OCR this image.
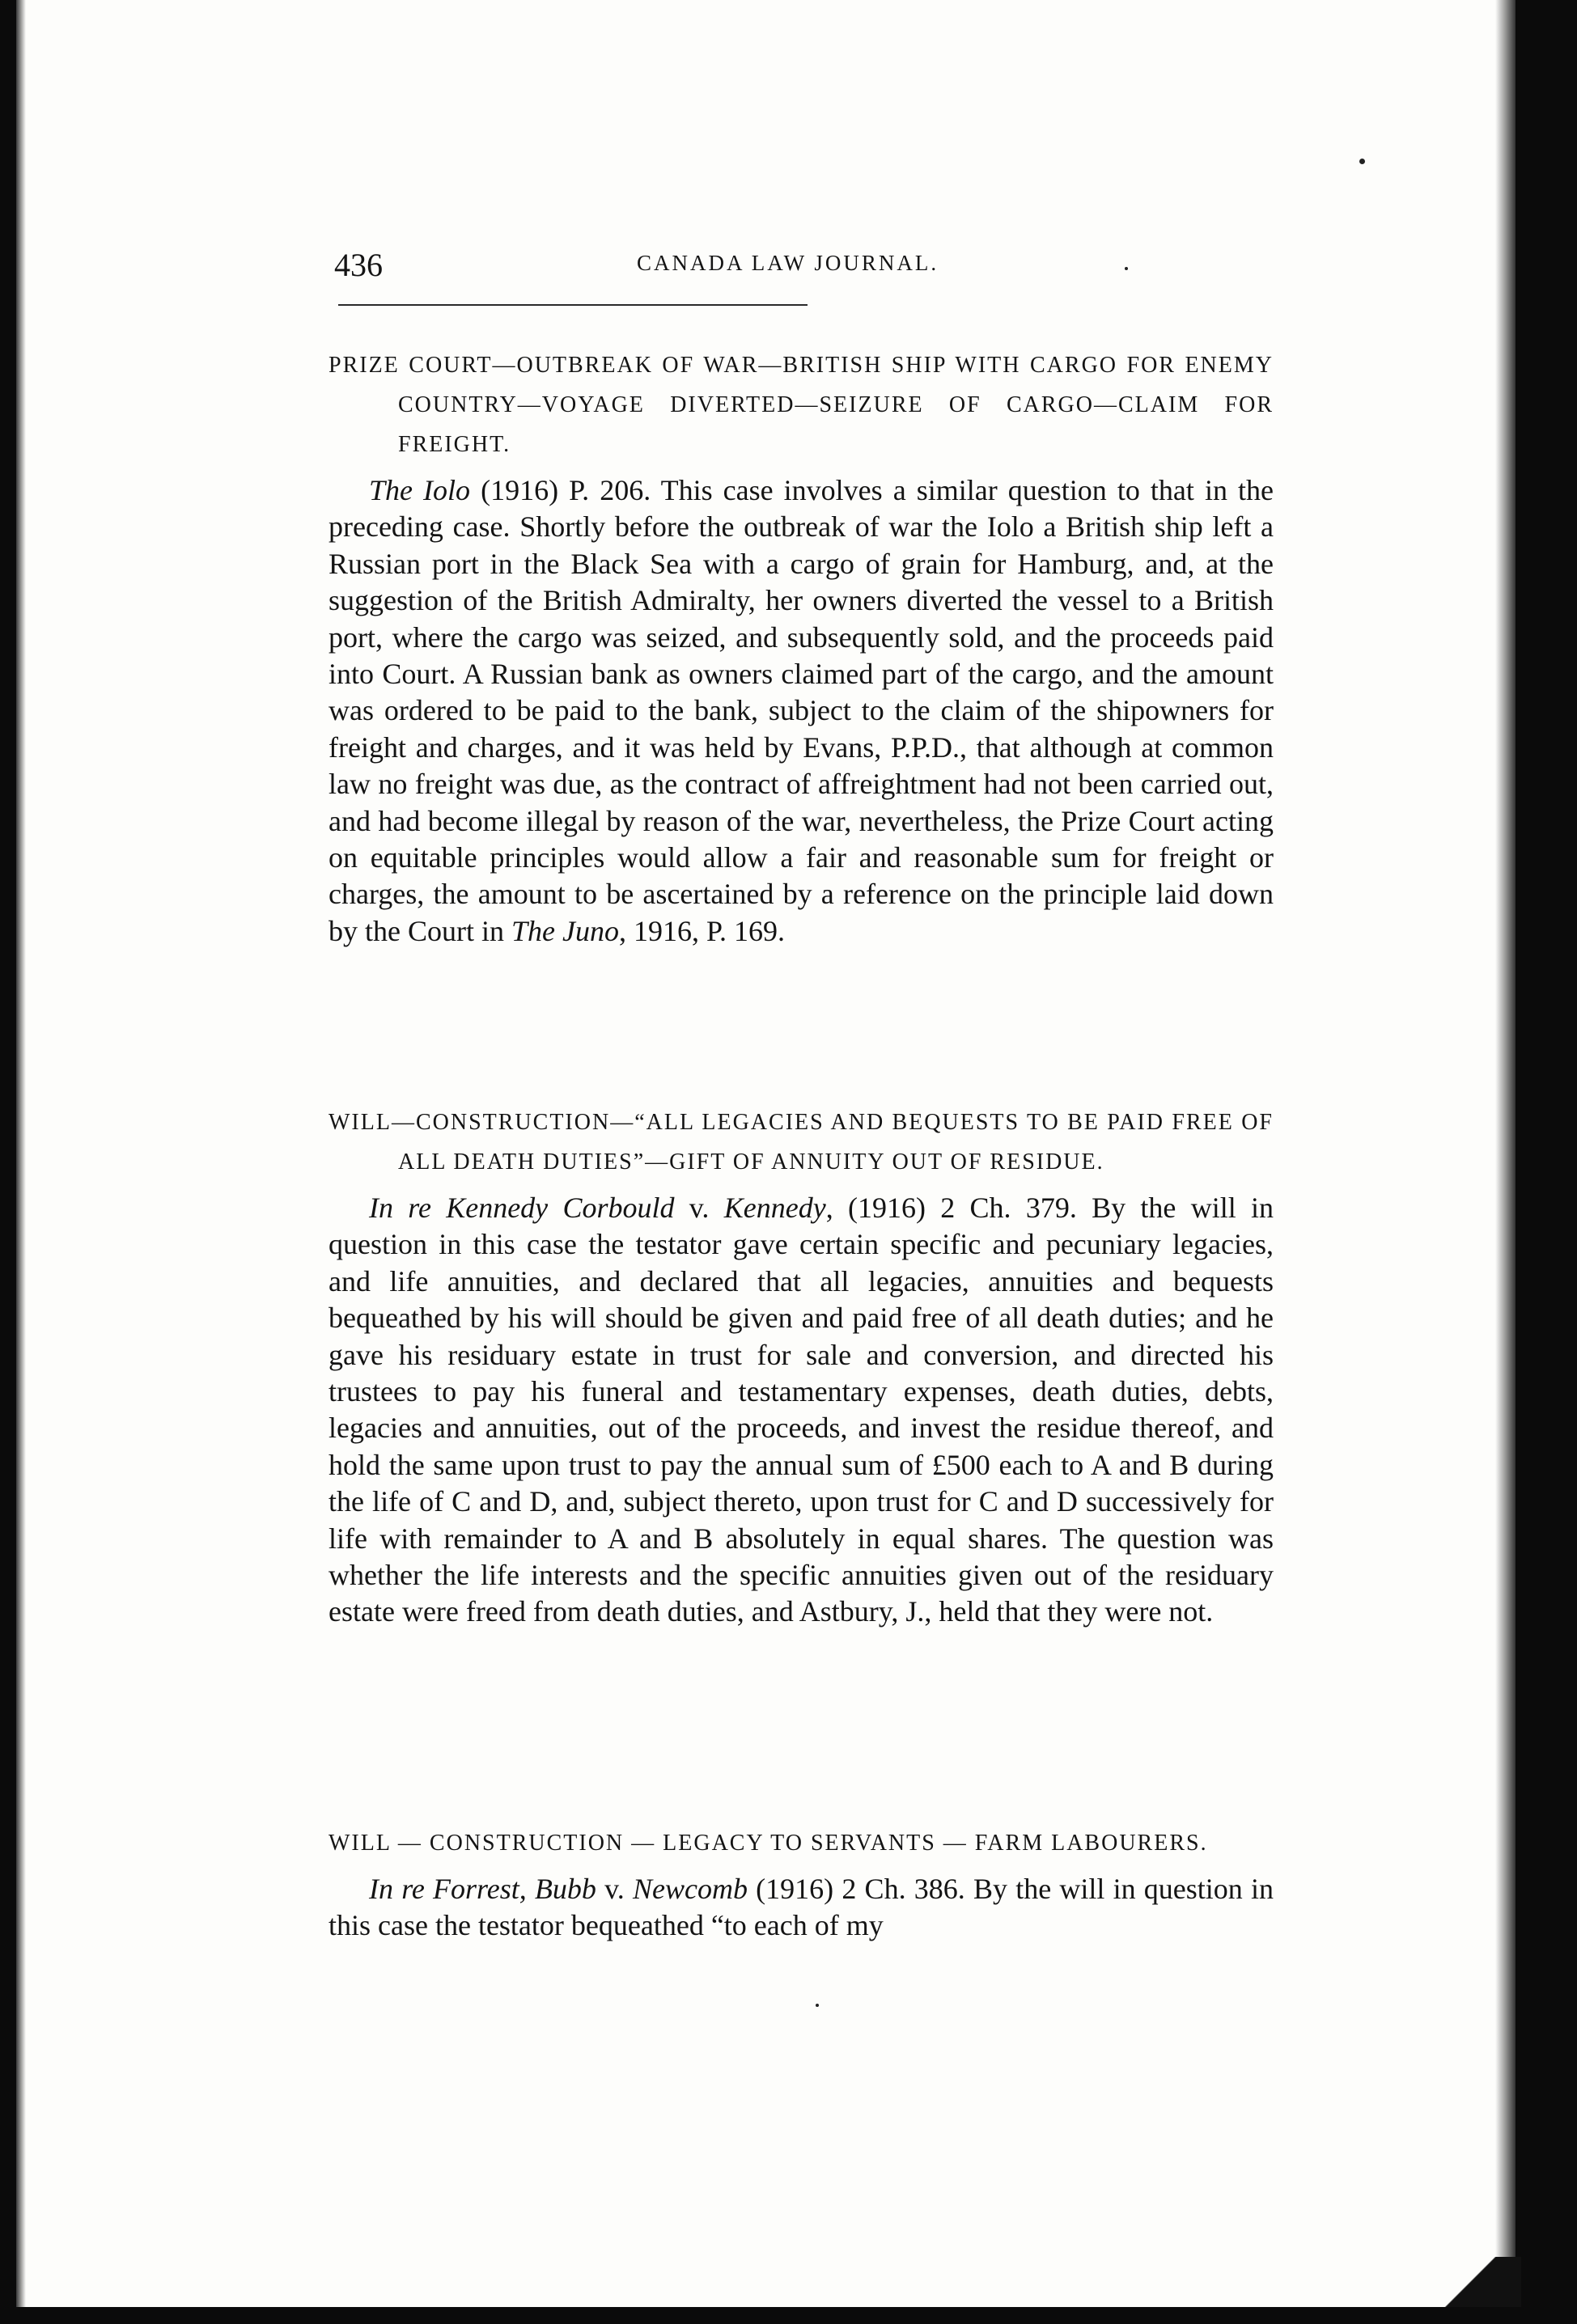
436	CANADA LAW JOURNAL.

PRIZE COURT—OUTBREAK OF WAR—BRITISH SHIP WITH CARGO FOR ENEMY COUNTRY—VOYAGE DIVERTED—SEIZURE OF CARGO—CLAIM FOR FREIGHT.

The Iolo (1916) P. 206. This case involves a similar question to that in the preceding case. Shortly before the outbreak of war the Iolo a British ship left a Russian port in the Black Sea with a cargo of grain for Hamburg, and, at the suggestion of the British Admiralty, her owners diverted the vessel to a British port, where the cargo was seized, and subsequently sold, and the proceeds paid into Court. A Russian bank as owners claimed part of the cargo, and the amount was ordered to be paid to the bank, subject to the claim of the shipowners for freight and charges, and it was held by Evans, P.P.D., that although at common law no freight was due, as the contract of affreightment had not been carried out, and had become illegal by reason of the war, nevertheless, the Prize Court acting on equitable principles would allow a fair and reasonable sum for freight or charges, the amount to be ascertained by a reference on the principle laid down by the Court in The Juno, 1916, P. 169.

WILL—CONSTRUCTION—“ALL LEGACIES AND BEQUESTS TO BE PAID FREE OF ALL DEATH DUTIES”—GIFT OF ANNUITY OUT OF RESIDUE.

In re Kennedy Corbould v. Kennedy, (1916) 2 Ch. 379. By the will in question in this case the testator gave certain specific and pecuniary legacies, and life annuities, and declared that all legacies, annuities and bequests bequeathed by his will should be given and paid free of all death duties; and he gave his residuary estate in trust for sale and conversion, and directed his trustees to pay his funeral and testamentary expenses, death duties, debts, legacies and annuities, out of the proceeds, and invest the residue thereof, and hold the same upon trust to pay the annual sum of £500 each to A and B during the life of C and D, and, subject thereto, upon trust for C and D successively for life with remainder to A and B absolutely in equal shares. The question was whether the life interests and the specific annuities given out of the residuary estate were freed from death duties, and Astbury, J., held that they were not.

WILL — CONSTRUCTION — LEGACY TO SERVANTS — FARM LABOURERS.

In re Forrest, Bubb v. Newcomb (1916) 2 Ch. 386. By the will in question in this case the testator bequeathed “to each of my
